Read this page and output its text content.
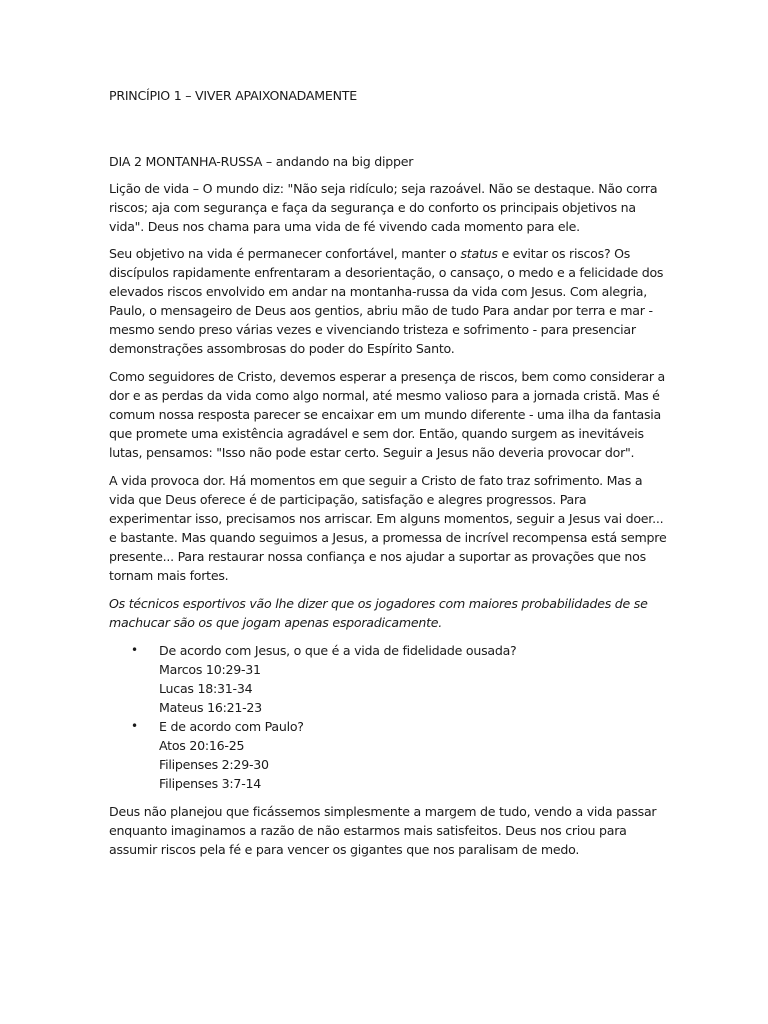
PRINCÍPIO 1 – VIVER APAIXONADAMENTE
DIA 2 MONTANHA-RUSSA – andando na big dipper

Lição de vida – O mundo diz: "Não seja ridículo; seja razoável. Não se destaque. Não corra riscos; aja com segurança e faça da segurança e do conforto os principais objetivos na vida". Deus nos chama para uma vida de fé vivendo cada momento para ele.

Seu objetivo na vida é permanecer confortável, manter o status e evitar os riscos? Os discípulos rapidamente enfrentaram a desorientação, o cansaço, o medo e a felicidade dos elevados riscos envolvido em andar na montanha-russa da vida com Jesus. Com alegria, Paulo, o mensageiro de Deus aos gentios, abriu mão de tudo Para andar por terra e mar - mesmo sendo preso várias vezes e vivenciando tristeza e sofrimento - para presenciar demonstrações assombrosas do poder do Espírito Santo.

Como seguidores de Cristo, devemos esperar a presença de riscos, bem como considerar a dor e as perdas da vida como algo normal, até mesmo valioso para a jornada cristã. Mas é comum nossa resposta parecer se encaixar em um mundo diferente - uma ilha da fantasia que promete uma existência agradável e sem dor. Então, quando surgem as inevitáveis lutas, pensamos: "Isso não pode estar certo. Seguir a Jesus não deveria provocar dor".

A vida provoca dor. Há momentos em que seguir a Cristo de fato traz sofrimento. Mas a vida que Deus oferece é de participação, satisfação e alegres progressos. Para experimentar isso, precisamos nos arriscar. Em alguns momentos, seguir a Jesus vai doer... e bastante. Mas quando seguimos a Jesus, a promessa de incrível recompensa está sempre presente... Para restaurar nossa confiança e nos ajudar a suportar as provações que nos tornam mais fortes.

Os técnicos esportivos vão lhe dizer que os jogadores com maiores probabilidades de se machucar são os que jogam apenas esporadicamente.

• De acordo com Jesus, o que é a vida de fidelidade ousada?
Marcos 10:29-31
Lucas 18:31-34
Mateus 16:21-23
• E de acordo com Paulo?
Atos 20:16-25
Filipenses 2:29-30
Filipenses 3:7-14

Deus não planejou que ficássemos simplesmente a margem de tudo, vendo a vida passar enquanto imaginamos a razão de não estarmos mais satisfeitos. Deus nos criou para assumir riscos pela fé e para vencer os gigantes que nos paralisam de medo.
